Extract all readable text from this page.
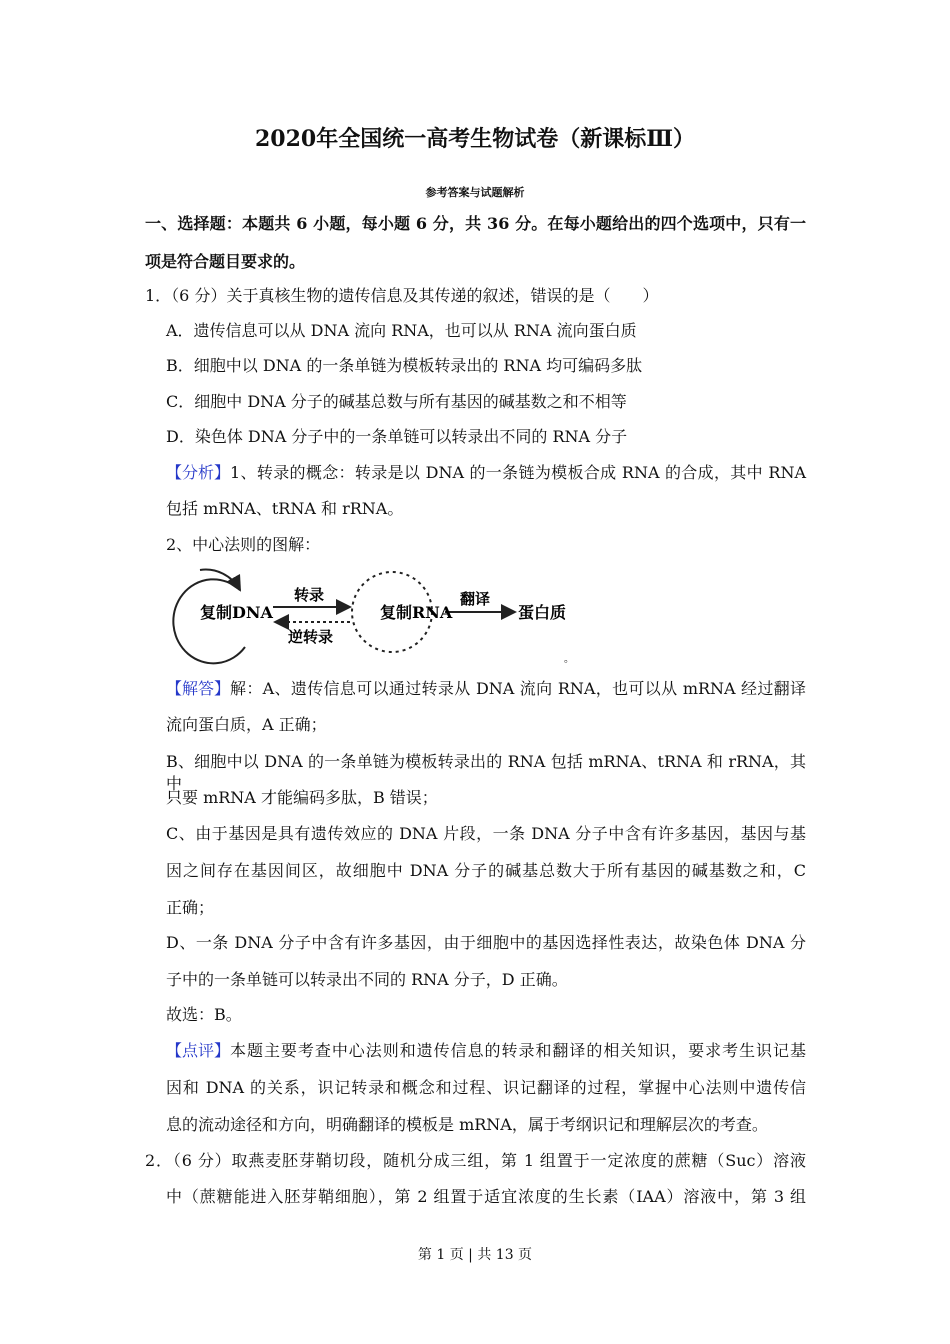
2020年全国统一高考生物试卷（新课标Ⅲ）
参考答案与试题解析
一、选择题：本题共 6 小题，每小题 6 分，共 36 分。在每小题给出的四个选项中，只有一
项是符合题目要求的。
1．（6 分）关于真核生物的遗传信息及其传递的叙述，错误的是（　　）
A．遗传信息可以从 DNA 流向 RNA，也可以从 RNA 流向蛋白质
B．细胞中以 DNA 的一条单链为模板转录出的 RNA 均可编码多肽
C．细胞中 DNA 分子的碱基总数与所有基因的碱基数之和不相等
D．染色体 DNA 分子中的一条单链可以转录出不同的 RNA 分子
【分析】 1、转录的概念：转录是以 DNA 的一条链为模板合成 RNA 的合成，其中 RNA
包括 mRNA、tRNA 和 rRNA。
2、中心法则的图解：
复制DNA
转录
逆转录
复制RNA
翻译
蛋白质
。
【解答】 解：A、遗传信息可以通过转录从 DNA 流向 RNA，也可以从 mRNA 经过翻译
流向蛋白质，A 正确；
B、细胞中以 DNA 的一条单链为模板转录出的 RNA 包括 mRNA、tRNA 和 rRNA，其中
只要 mRNA 才能编码多肽，B 错误；
C、由于基因是具有遗传效应的 DNA 片段，一条 DNA 分子中含有许多基因，基因与基
因之间存在基因间区，故细胞中 DNA 分子的碱基总数大于所有基因的碱基数之和，C
正确；
D、一条 DNA 分子中含有许多基因，由于细胞中的基因选择性表达，故染色体 DNA 分
子中的一条单链可以转录出不同的 RNA 分子，D 正确。
故选：B。
【点评】 本题主要考查中心法则和遗传信息的转录和翻译的相关知识，要求考生识记基
因和 DNA 的关系，识记转录和概念和过程、识记翻译的过程，掌握中心法则中遗传信
息的流动途径和方向，明确翻译的模板是 mRNA，属于考纲识记和理解层次的考查。
2．（6 分）取燕麦胚芽鞘切段，随机分成三组，第 1 组置于一定浓度的蔗糖（Suc）溶液
中（蔗糖能进入胚芽鞘细胞），第 2 组置于适宜浓度的生长素（IAA）溶液中，第 3 组
第 1 页 | 共 13 页
